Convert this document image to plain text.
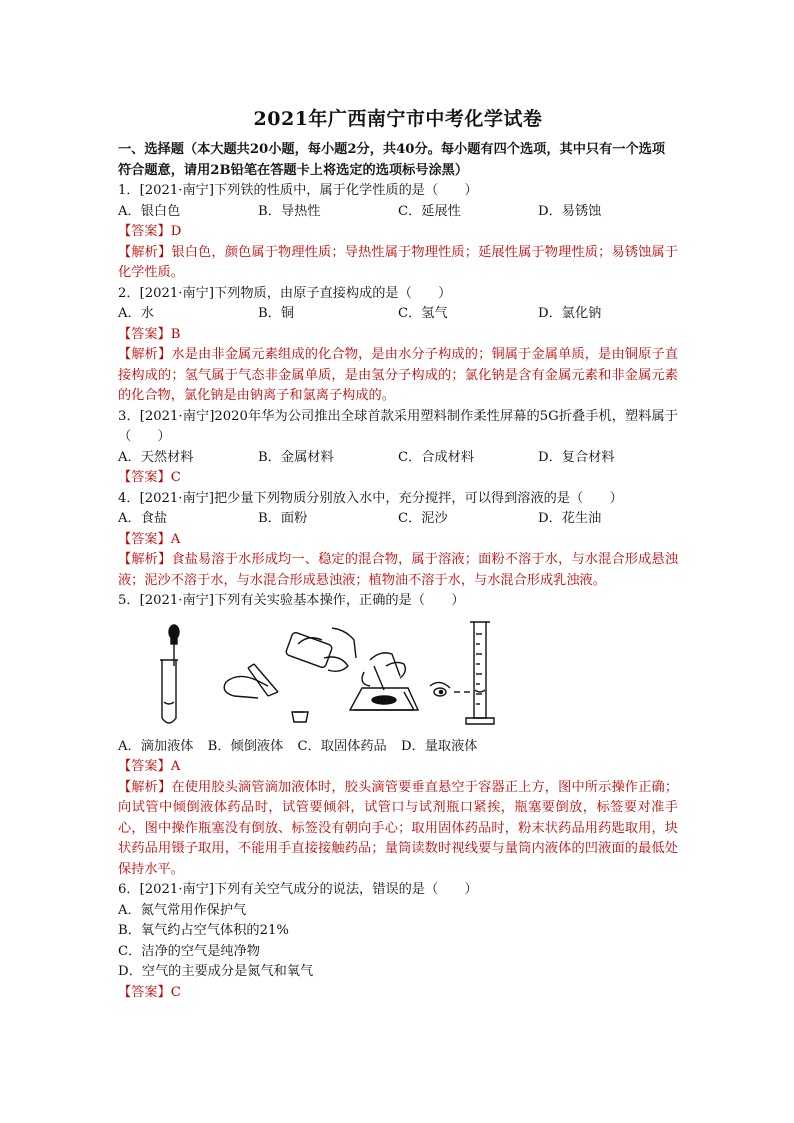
2021年广西南宁市中考化学试卷

一、选择题（本大题共20小题，每小题2分，共40分。每小题有四个选项，其中只有一个选项符合题意，请用2B铅笔在答题卡上将选定的选项标号涂黑）

1．[2021·南宁]下列铁的性质中，属于化学性质的是（　　）

A．银白色	B．导热性	C．延展性	D．易锈蚀

【答案】D

【解析】银白色，颜色属于物理性质；导热性属于物理性质；延展性属于物理性质；易锈蚀属于化学性质。

2．[2021·南宁]下列物质，由原子直接构成的是（　　）

A．水	B．铜	C．氢气	D．氯化钠

【答案】B

【解析】水是由非金属元素组成的化合物，是由水分子构成的；铜属于金属单质，是由铜原子直接构成的；氢气属于气态非金属单质，是由氢分子构成的；氯化钠是含有金属元素和非金属元素的化合物，氯化钠是由钠离子和氯离子构成的。

3．[2021·南宁]2020年华为公司推出全球首款采用塑料制作柔性屏幕的5G折叠手机，塑料属于（　　）

A．天然材料	B．金属材料	C．合成材料	D．复合材料

【答案】C

4．[2021·南宁]把少量下列物质分别放入水中，充分搅拌，可以得到溶液的是（　　）

A．食盐	B．面粉	C．泥沙	D．花生油

【答案】A

【解析】食盐易溶于水形成均一、稳定的混合物，属于溶液；面粉不溶于水，与水混合形成悬浊液；泥沙不溶于水，与水混合形成悬浊液；植物油不溶于水，与水混合形成乳浊液。

5．[2021·南宁]下列有关实验基本操作，正确的是（　　）

A．滴加液体 B．倾倒液体 C．取固体药品 D．量取液体

【答案】A

【解析】在使用胶头滴管滴加液体时，胶头滴管要垂直悬空于容器正上方，图中所示操作正确；向试管中倾倒液体药品时，试管要倾斜，试管口与试剂瓶口紧挨，瓶塞要倒放，标签要对准手心，图中操作瓶塞没有倒放、标签没有朝向手心；取用固体药品时，粉末状药品用药匙取用，块状药品用镊子取用，不能用手直接接触药品；量筒读数时视线要与量筒内液体的凹液面的最低处保持水平。

6．[2021·南宁]下列有关空气成分的说法，错误的是（　　）

A．氮气常用作保护气

B．氧气约占空气体积的21%

C．洁净的空气是纯净物

D．空气的主要成分是氮气和氧气

【答案】C
